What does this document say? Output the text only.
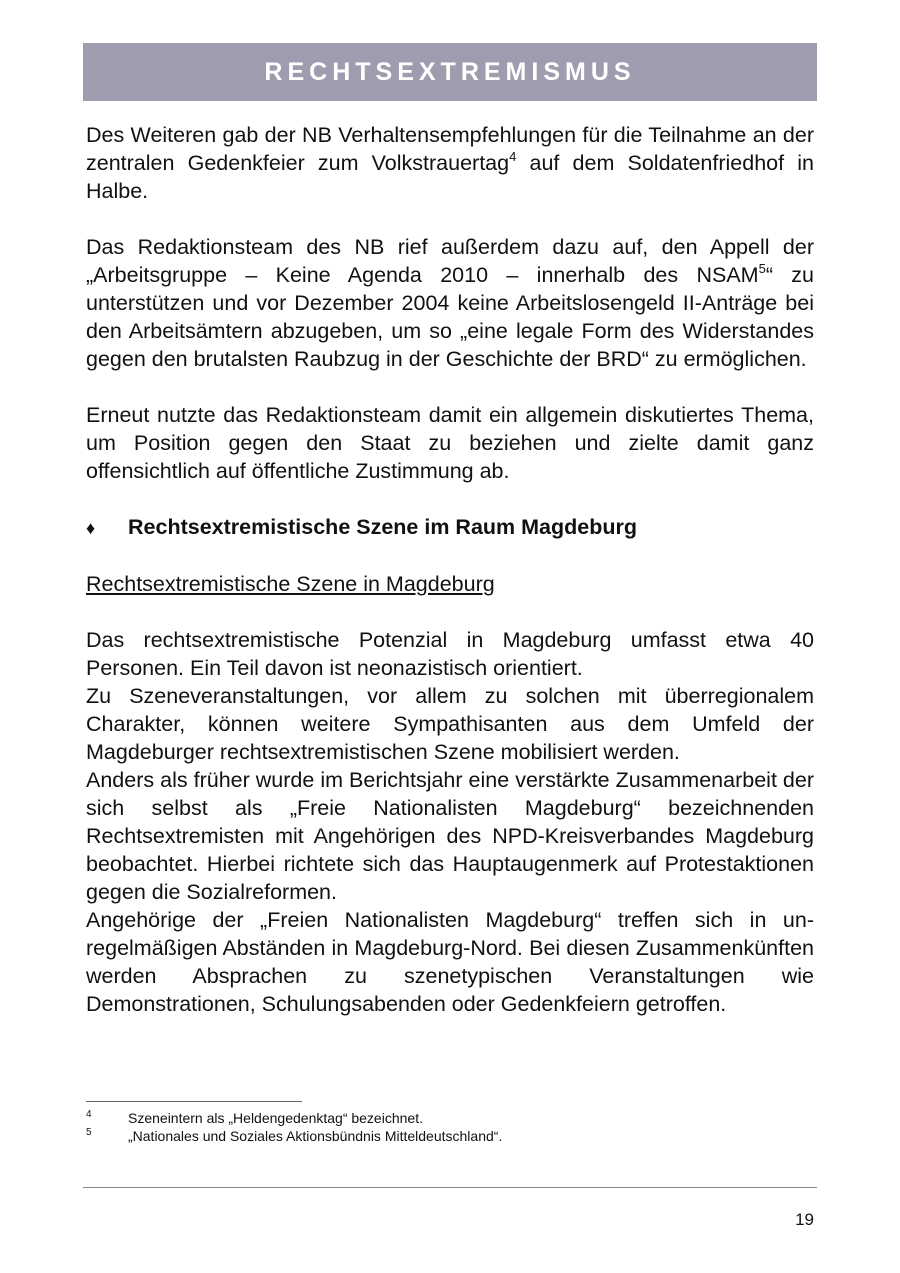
RECHTSEXTREMISMUS

Des Weiteren gab der NB Verhaltensempfehlungen für die Teilnahme an der zentralen Gedenkfeier zum Volkstrauertag$^4$ auf dem Soldatenfriedhof in Halbe.

Das Redaktionsteam des NB rief außerdem dazu auf, den Appell der „Arbeitsgruppe – Keine Agenda 2010 – innerhalb des NSAM$^5$“ zu unterstützen und vor Dezember 2004 keine Arbeitslosengeld II-Anträge bei den Arbeitsämtern abzugeben, um so „eine legale Form des Widerstandes gegen den brutalsten Raubzug in der Geschichte der BRD“ zu ermöglichen.

Erneut nutzte das Redaktionsteam damit ein allgemein diskutiertes Thema, um Position gegen den Staat zu beziehen und zielte damit ganz offensichtlich auf öffentliche Zustimmung ab.

♦	Rechtsextremistische Szene im Raum Magdeburg
Rechtsextremistische Szene in Magdeburg

Das rechtsextremistische Potenzial in Magdeburg umfasst etwa 40 Personen. Ein Teil davon ist neonazistisch orientiert.

Zu Szeneveranstaltungen, vor allem zu solchen mit überregionalem Charakter, können weitere Sympathisanten aus dem Umfeld der Magdeburger rechtsextremistischen Szene mobilisiert werden.

Anders als früher wurde im Berichtsjahr eine verstärkte Zusammenarbeit der sich selbst als „Freie Nationalisten Magdeburg“ bezeichnenden Rechtsextremisten mit Angehörigen des NPD-Kreisverbandes Magdeburg beobachtet. Hierbei richtete sich das Hauptaugenmerk auf Protestaktionen gegen die Sozialreformen.

Angehörige der „Freien Nationalisten Magdeburg“ treffen sich in unregelmäßigen Abständen in Magdeburg-Nord. Bei diesen Zusammenkünften werden Absprachen zu szenetypischen Veranstaltungen wie Demonstrationen, Schulungsabenden oder Gedenkfeiern getroffen.

4	Szeneintern als „Heldengedenktag“ bezeichnet.
5	„Nationales und Soziales Aktionsbündnis Mitteldeutschland“.
19
